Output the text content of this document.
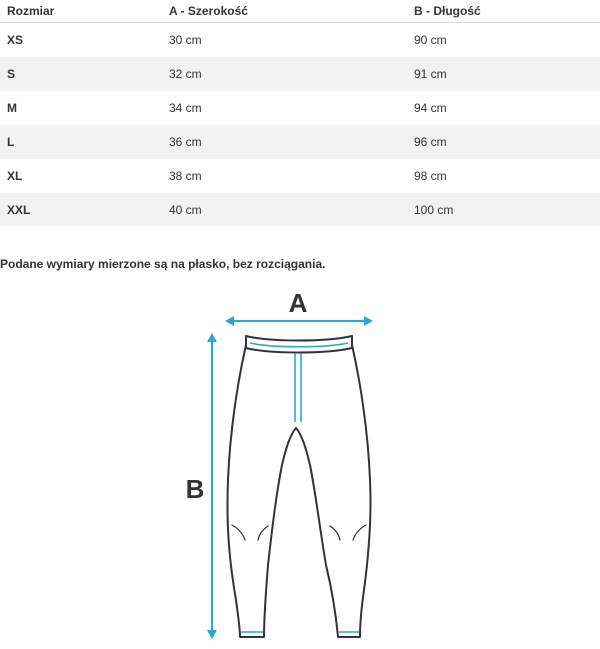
Rozmiar	A - Szerokość	B - Długość
XS	30 cm	90 cm
S	32 cm	91 cm
M	34 cm	94 cm
L	36 cm	96 cm
XL	38 cm	98 cm
XXL	40 cm	100 cm

Podane wymiary mierzone są na płasko, bez rozciągania.

A
B
